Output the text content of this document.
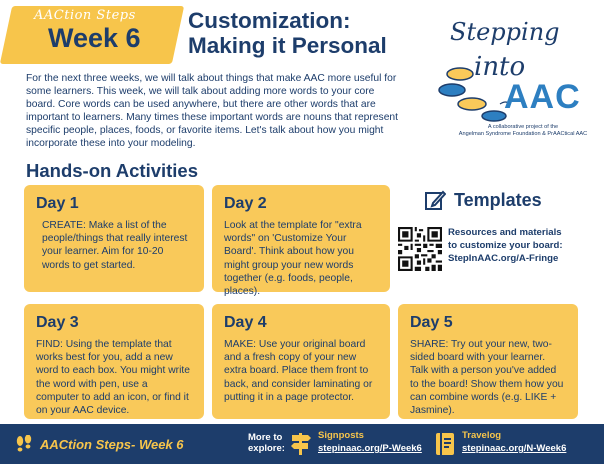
AACtion Steps
Week 6
Customization:
Making it Personal

For the next three weeks, we will talk about things that make AAC more useful for some learners. This week, we will talk about adding more words to your core board. Core words can be used anywhere, but there are other words that are important to learners. Many times these important words are nouns that represent specific people, places, foods, or favorite items. Let's talk about how you might incorporate these into your modeling.

Stepping
into
AAC
A collaborative project of the
Angelman Syndrome Foundation & PrAACtical AAC
Hands-on Activities
Day 1
CREATE: Make a list of the people/things that really interest your learner. Aim for 10-20 words to get started.
Day 2
Look at the template for "extra words" on 'Customize Your Board'. Think about how you might group your new words together (e.g. foods, people, places).
Day 3
FIND: Using the template that works best for you, add a new word to each box. You might write the word with pen, use a computer to add an icon, or find it on your AAC device.
Day 4
MAKE: Use your original board and a fresh copy of your new extra board. Place them front to back, and consider laminating or putting it in a page protector.
Day 5
SHARE: Try out your new, two-sided board with your learner. Talk with a person you've added to the board! Show them how you can combine words (e.g. LIKE + Jasmine).
Templates
Resources and materials
to customize your board:
StepInAAC.org/A-Fringe
AACtion Steps- Week 6	More to
explore:
Signposts
stepinaac.org/P-Week6
Travelog
stepinaac.org/N-Week6
